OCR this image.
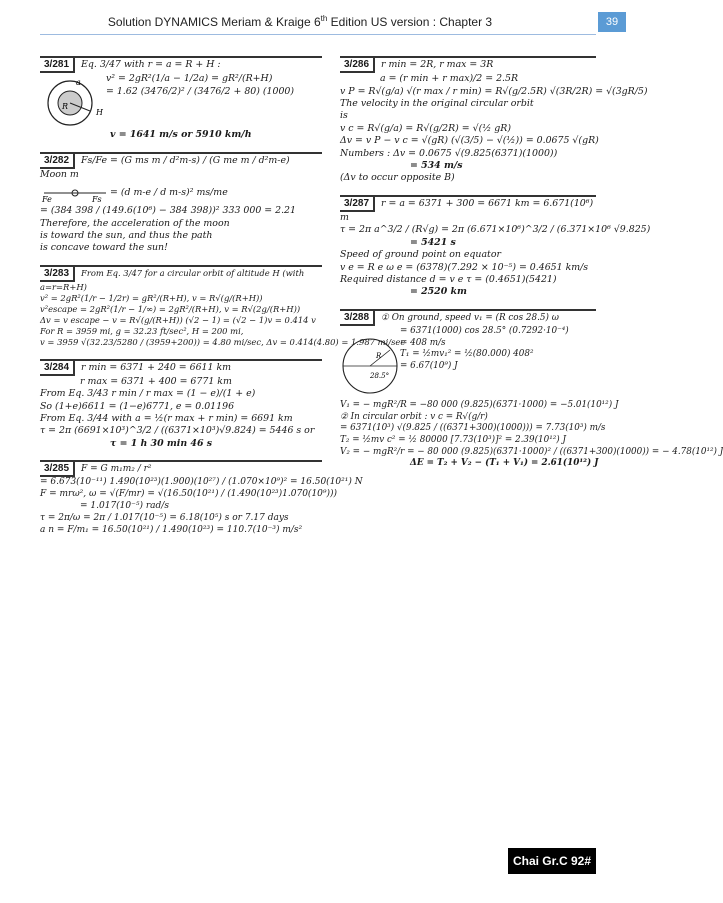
Solution DYNAMICS Meriam & Kraige 6th Edition US version : Chapter 3	39
3/281 Eq. 3/47 with r = a = R + H :
a
R
H
v² = 2gR²(1/a − 1/2a) = gR²/(R+H)
= 1.62 (3476/2)² / (3476/2 + 80) (1000)
v = 1641 m/s or 5910 km/h
3/282 Fs/Fe = (G ms m / d²m-s) / (G me m / d²m-e)
Moon m
Fe	Fs
= (d m-e / d m-s)² ms/me
= (384 398 / (149.6(10⁶) − 384 398))² 333 000 = 2.21
Therefore, the acceleration of the moon
is toward the sun, and thus the path
is concave toward the sun!
3/283 From Eq. 3/47 for a circular orbit of altitude H (with a=r=R+H)
v² = 2gR²(1/r − 1/2r) = gR²/(R+H), v = R√(g/(R+H))
v²escape = 2gR²(1/r − 1/∞) = 2gR²/(R+H), v = R√(2g/(R+H))
Δv = v escape − v = R√(g/(R+H)) (√2 − 1) = (√2 − 1)v = 0.414 v
For R = 3959 mi, g = 32.23 ft/sec², H = 200 mi,
v = 3959 √(32.23/5280 / (3959+200)) = 4.80 mi/sec, Δv = 0.414(4.80) = 1.987 mi/sec
3/284 r min = 6371 + 240 = 6611 km
r max = 6371 + 400 = 6771 km
From Eq. 3/43 r min / r max = (1 − e)/(1 + e)
So (1+e)6611 = (1−e)6771, e = 0.01196
From Eq. 3/44 with a = ½(r max + r min) = 6691 km
τ = 2π (6691×10³)^3/2 / ((6371×10³)√9.824) = 5446 s or
τ = 1 h 30 min 46 s
3/285 F = G m₁m₂ / r²
= 6.673(10⁻¹¹) 1.490(10²³)(1.900)(10²⁷) / (1.070×10⁹)² = 16.50(10²¹) N
F = mrω², ω = √(F/mr) = √(16.50(10²¹) / (1.490(10²³)1.070(10⁹)))
= 1.017(10⁻⁵) rad/s
τ = 2π/ω = 2π / 1.017(10⁻⁵) = 6.18(10⁵) s or 7.17 days
a n = F/m₁ = 16.50(10²¹) / 1.490(10²³) = 110.7(10⁻³) m/s²
3/286 r min = 2R, r max = 3R
a = (r min + r max)/2 = 2.5R
v P = R√(g/a) √(r max / r min) = R√(g/2.5R) √(3R/2R) = √(3gR/5)
The velocity in the original circular orbit
is
v c = R√(g/a) = R√(g/2R) = √(½ gR)
Δv = v P − v c = √(gR) (√(3/5) − √(½)) = 0.0675 √(gR)
Numbers : Δv = 0.0675 √(9.825(6371)(1000))
= 534 m/s
(Δv to occur opposite B)
3/287 r = a = 6371 + 300 = 6671 km = 6.671(10⁶) m
τ = 2π a^3/2 / (R√g) = 2π (6.671×10⁶)^3/2 / (6.371×10⁶ √9.825)
= 5421 s
Speed of ground point on equator
v e = R e ω e = (6378)(7.292 × 10⁻⁵) = 0.4651 km/s
Required distance d = v e τ = (0.4651)(5421)
= 2520 km
3/288 ① On ground, speed v₁ = (R cos 28.5) ω
28.5°
R
= 6371(1000) cos 28.5° (0.7292·10⁻⁴)
= 408 m/s
T₁ = ½mv₁² = ½(80.000) 408²
= 6.67(10⁹) J
V₁ = − mgR²/R = −80 000 (9.825)(6371·1000) = −5.01(10¹²) J
② In circular orbit : v c = R√(g/r)
= 6371(10³) √(9.825 / ((6371+300)(1000))) = 7.73(10³) m/s
T₂ = ½mv c² = ½ 80000 [7.73(10³)]² = 2.39(10¹²) J
V₂ = − mgR²/r = − 80 000 (9.825)(6371·1000)² / ((6371+300)(1000)) = − 4.78(10¹²) J
ΔE = T₂ + V₂ − (T₁ + V₁) = 2.61(10¹²) J
Chai Gr.C 92#
